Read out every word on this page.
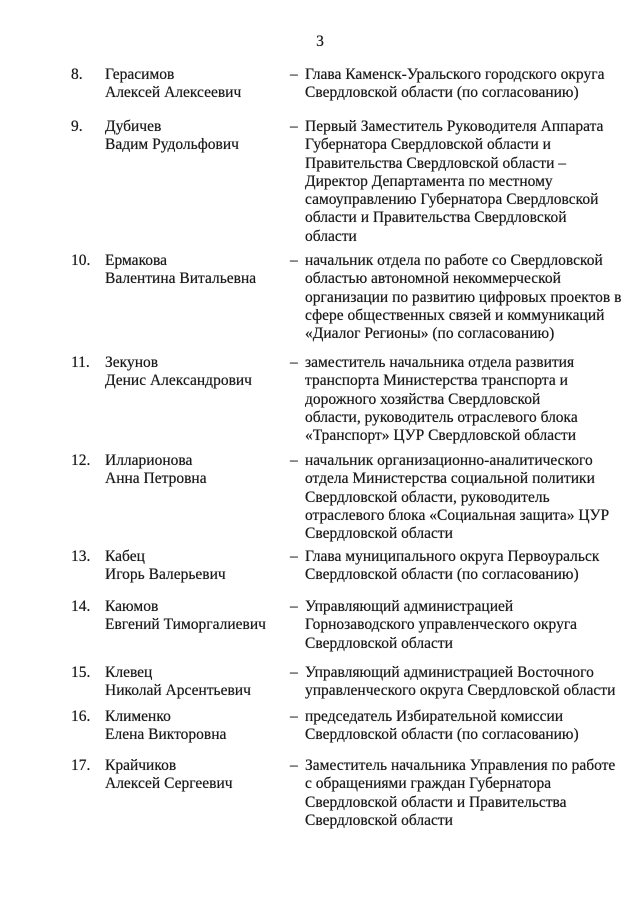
3
8.	Герасимов
Алексей Алексеевич
– Глава Каменск-Уральского городского округа
Свердловской области (по согласованию)
9.	Дубичев
Вадим Рудольфович
– Первый Заместитель Руководителя Аппарата
Губернатора Свердловской области и
Правительства Свердловской области –
Директор Департамента по местному
самоуправлению Губернатора Свердловской
области и Правительства Свердловской
области
10. Ермакова
Валентина Витальевна
– начальник отдела по работе со Свердловской
областью автономной некоммерческой
организации по развитию цифровых проектов в
сфере общественных связей и коммуникаций
«Диалог Регионы» (по согласованию)
11. Зекунов
Денис Александрович
– заместитель начальника отдела развития
транспорта Министерства транспорта и
дорожного хозяйства Свердловской
области, руководитель отраслевого блока
«Транспорт» ЦУР Свердловской области
12. Илларионова
Анна Петровна
– начальник организационно-аналитического
отдела Министерства социальной политики
Свердловской области, руководитель
отраслевого блока «Социальная защита» ЦУР
Свердловской области
13. Кабец
Игорь Валерьевич
– Глава муниципального округа Первоуральск
Свердловской области (по согласованию)
14. Каюмов
Евгений Тиморгалиевич
– Управляющий администрацией
Горнозаводского управленческого округа
Свердловской области
15. Клевец
Николай Арсентьевич
– Управляющий администрацией Восточного
управленческого округа Свердловской области
16. Клименко
Елена Викторовна
– председатель Избирательной комиссии
Свердловской области (по согласованию)
17. Крайчиков
Алексей Сергеевич
– Заместитель начальника Управления по работе
с обращениями граждан Губернатора
Свердловской области и Правительства
Свердловской области
